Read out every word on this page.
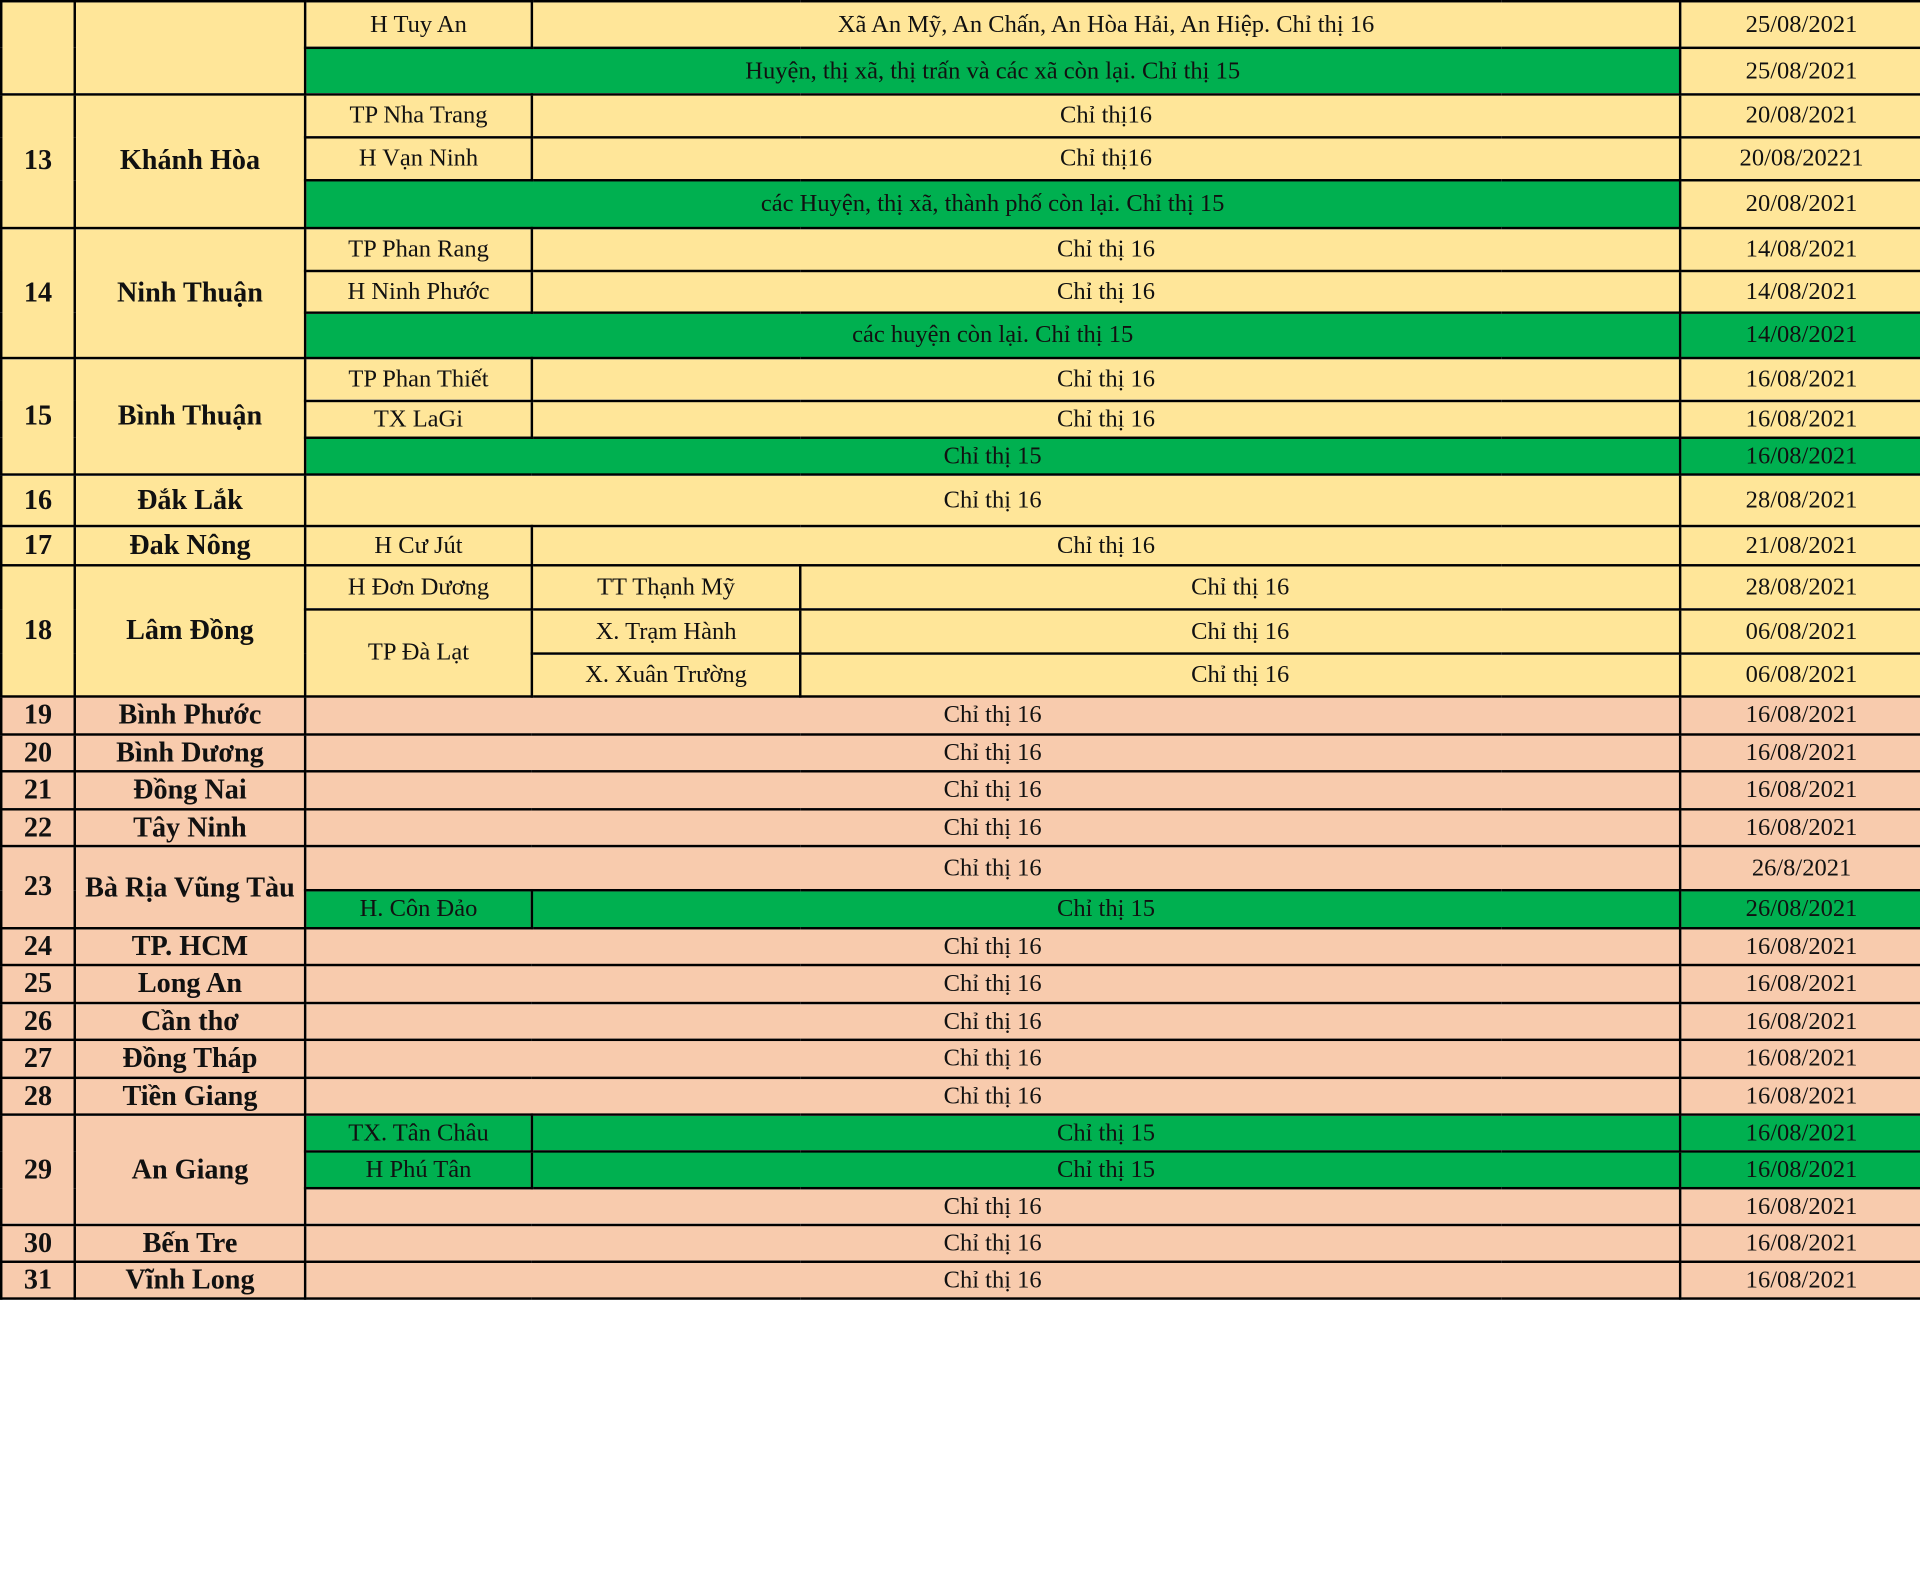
		H Tuy An	Xã An Mỹ, An Chấn, An Hòa Hải, An Hiệp. Chỉ thị 16		25/08/2021	
		Huyện, thị xã, thị trấn và các xã còn lại. Chỉ thị 15			25/08/2021	
13	Khánh Hòa	TP Nha Trang	Chỉ thị16		20/08/2021	
		H Vạn Ninh	Chỉ thị16		20/08/20221	
		các Huyện, thị xã, thành phố còn lại. Chỉ thị 15			20/08/2021	
14	Ninh Thuận	TP Phan Rang	Chỉ thị 16		14/08/2021	
		H Ninh Phước	Chỉ thị 16		14/08/2021	
		các huyện còn lại. Chỉ thị 15			14/08/2021	
15	Bình Thuận	TP Phan Thiết	Chỉ thị 16		16/08/2021	
		TX LaGi	Chỉ thị 16		16/08/2021	
		Chỉ thị 15			16/08/2021	
16	Đắk Lắk	Chỉ thị 16			28/08/2021	
17	Đak Nông	H Cư Jút	Chỉ thị 16		21/08/2021	
18	Lâm Đồng	H Đơn Dương	TT Thạnh Mỹ	Chỉ thị 16	28/08/2021	
		TP Đà Lạt	X. Trạm Hành	Chỉ thị 16	06/08/2021	
			X. Xuân Trường	Chỉ thị 16	06/08/2021	
19	Bình Phước	Chỉ thị 16			16/08/2021	
20	Bình Dương	Chỉ thị 16			16/08/2021	
21	Đồng Nai	Chỉ thị 16			16/08/2021	
22	Tây Ninh	Chỉ thị 16			16/08/2021	
23	Bà Rịa Vũng Tàu	Chỉ thị 16			26/8/2021	
		H. Côn Đảo	Chỉ thị 15		26/08/2021	
24	TP. HCM	Chỉ thị 16			16/08/2021	
25	Long An	Chỉ thị 16			16/08/2021	
26	Cần thơ	Chỉ thị 16			16/08/2021	
27	Đồng Tháp	Chỉ thị 16			16/08/2021	
28	Tiền Giang	Chỉ thị 16			16/08/2021	
29	An Giang	TX. Tân Châu	Chỉ thị 15		16/08/2021	
		H Phú Tân	Chỉ thị 15		16/08/2021	
		Chỉ thị 16			16/08/2021	
30	Bến Tre	Chỉ thị 16			16/08/2021	
31	Vĩnh Long	Chỉ thị 16			16/08/2021	
